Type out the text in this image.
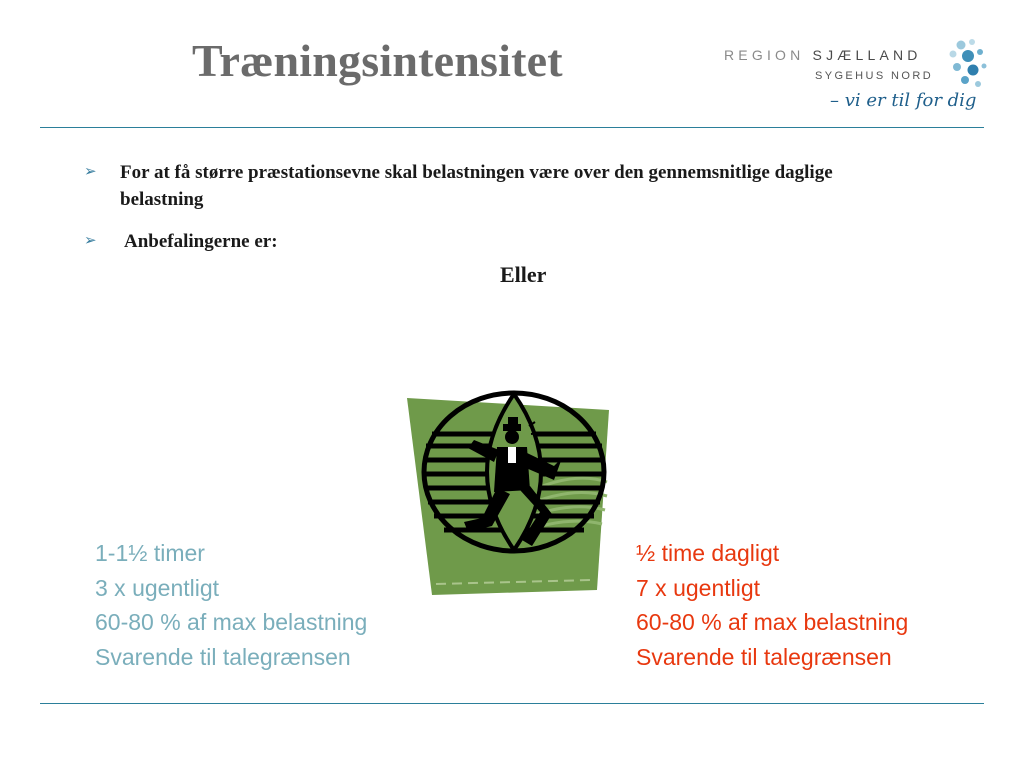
Træningsintensitet	REGION SJÆLLAND
SYGEHUS NORD
– vi er til for dig
➢ For at få større præstationsevne skal belastningen være over den gennemsnitlige daglige belastning
➢ Anbefalingerne er:
Eller
1-1½ timer
3 x ugentligt
60-80 % af max belastning
Svarende til talegrænsen
½ time dagligt
7 x ugentligt
60-80 % af max belastning
Svarende til talegrænsen
